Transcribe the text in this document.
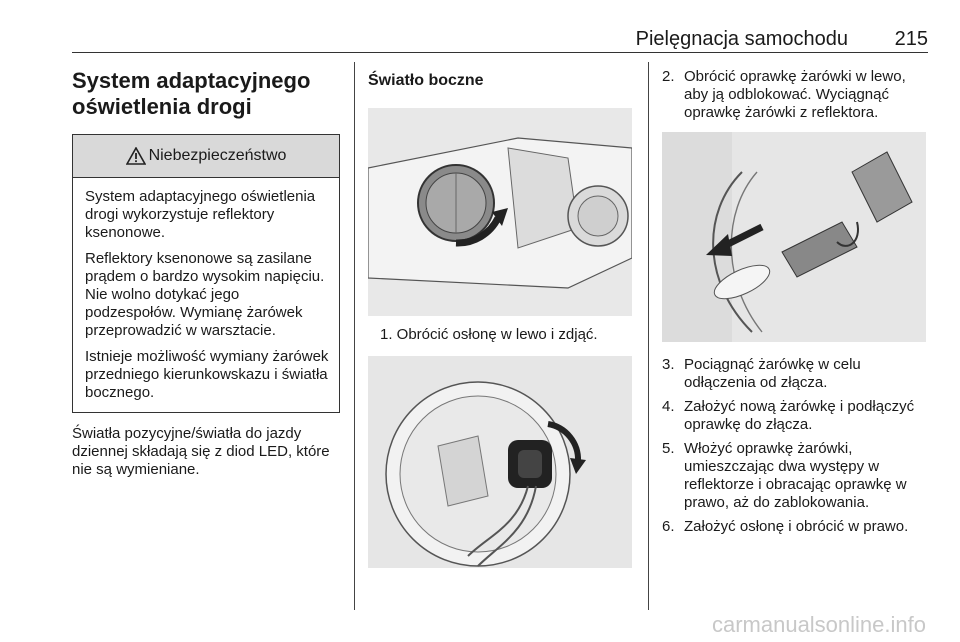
Pielęgnacja samochodu 215
System adaptacyjnego
oświetlenia drogi
Niebezpieczeństwo

System adaptacyjnego oświetlenia drogi wykorzystuje reflektory ksenonowe.

Reflektory ksenonowe są zasilane prądem o bardzo wysokim napięciu. Nie wolno dotykać jego podzespołów. Wymianę żarówek przeprowadzić w warsztacie.

Istnieje możliwość wymiany żarówek przedniego kierunkowskazu i światła bocznego.

Światła pozycyjne/światła do jazdy dziennej składają się z diod LED, które nie są wymieniane.
Światło boczne
1. Obrócić osłonę w lewo i zdjąć.
2. Obrócić oprawkę żarówki w lewo, aby ją odblokować. Wyciągnąć oprawkę żarówki z reflektora.
3. Pociągnąć żarówkę w celu odłączenia od złącza.
4. Założyć nową żarówkę i podłączyć oprawkę do złącza.
5. Włożyć oprawkę żarówki, umieszczając dwa występy w reflektorze i obracając oprawkę w prawo, aż do zablokowania.
6. Założyć osłonę i obrócić w prawo.
carmanualsonline.info
